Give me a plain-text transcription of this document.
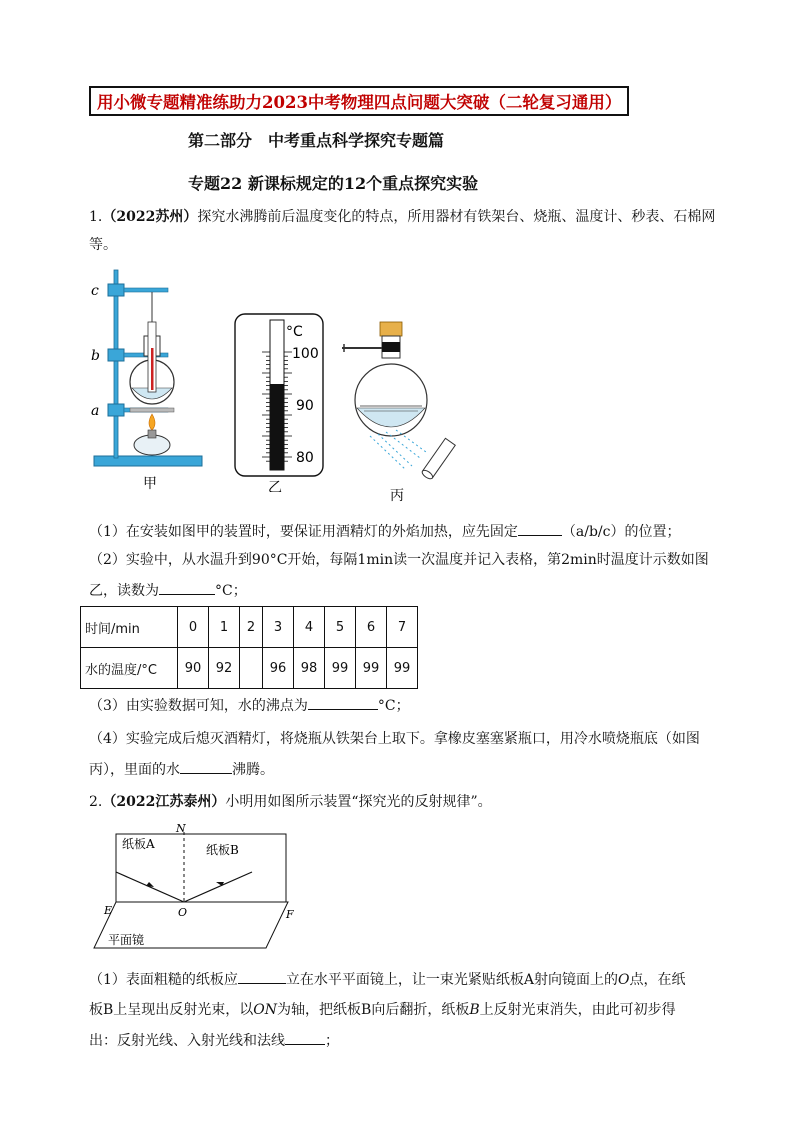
用小微专题精准练助力2023中考物理四点问题大突破（二轮复习通用）
第二部分　中考重点科学探究专题篇
专题22 新课标规定的12个重点探究实验
1.（2022苏州）探究水沸腾前后温度变化的特点，所用器材有铁架台、烧瓶、温度计、秒表、石棉网
等。
c
b
a
甲
°C
100
90
80
乙	丙
（1）在安装如图甲的装置时，要保证用酒精灯的外焰加热，应先固定	（a/b/c）的位置；
（2）实验中，从水温升到90°C开始，每隔1min读一次温度并记入表格，第2min时温度计示数如图
乙，读数为	°C；
时间/min	0	1	2	3	4	5	6	7
水的温度/°C	90	92		96	98	99	99	99
（3）由实验数据可知，水的沸点为	°C；
（4）实验完成后熄灭酒精灯，将烧瓶从铁架台上取下。拿橡皮塞塞紧瓶口，用冷水喷烧瓶底（如图
丙），里面的水	沸腾。
2.（2022江苏泰州）小明用如图所示装置“探究光的反射规律”。
纸板A	纸板B
N
E	O	F
平面镜
（1）表面粗糙的纸板应	立在水平平面镜上，让一束光紧贴纸板A射向镜面上的O点，在纸
板B上呈现出反射光束，以ON为轴，把纸板B向后翻折，纸板B上反射光束消失，由此可初步得
出：反射光线、入射光线和法线	；
